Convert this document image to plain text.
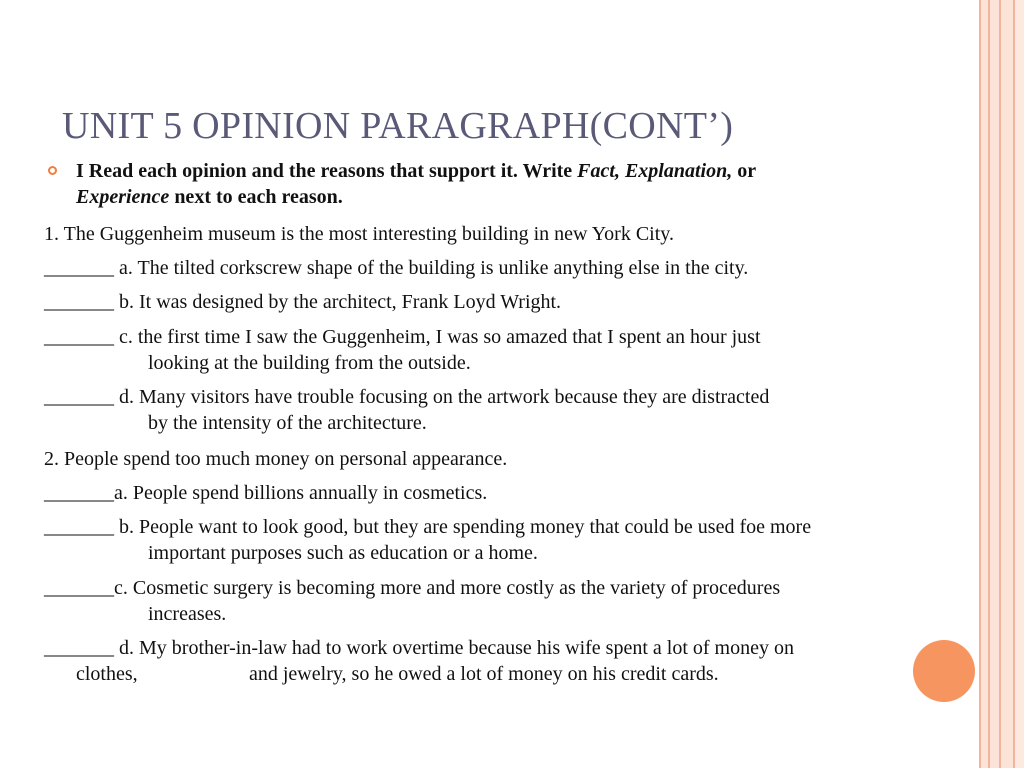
UNIT 5 OPINION PARAGRAPH(CONT’)
I Read each opinion and the reasons that support it. Write Fact, Explanation, or
Experience next to each reason.
1. The Guggenheim museum is the most interesting building in new York City.
_______ a. The tilted corkscrew shape of the building is unlike anything else in the city.
_______ b. It was designed by the architect, Frank Loyd Wright.
_______ c. the first time I saw the Guggenheim, I was so amazed that I spent an hour just
looking at the building from the outside.
_______ d. Many visitors have trouble focusing on the artwork because they are distracted
by the intensity of the architecture.
2. People spend too much money on personal appearance.
_______a. People spend billions annually in cosmetics.
_______ b. People want to look good, but they are spending money that could be used foe more
important purposes such as education or a home.
_______c. Cosmetic surgery is becoming more and more costly as the variety of procedures
increases.
_______ d. My brother-in-law had to work overtime because his wife spent a lot of money on
clothes,	and jewelry, so he owed a lot of money on his credit cards.
